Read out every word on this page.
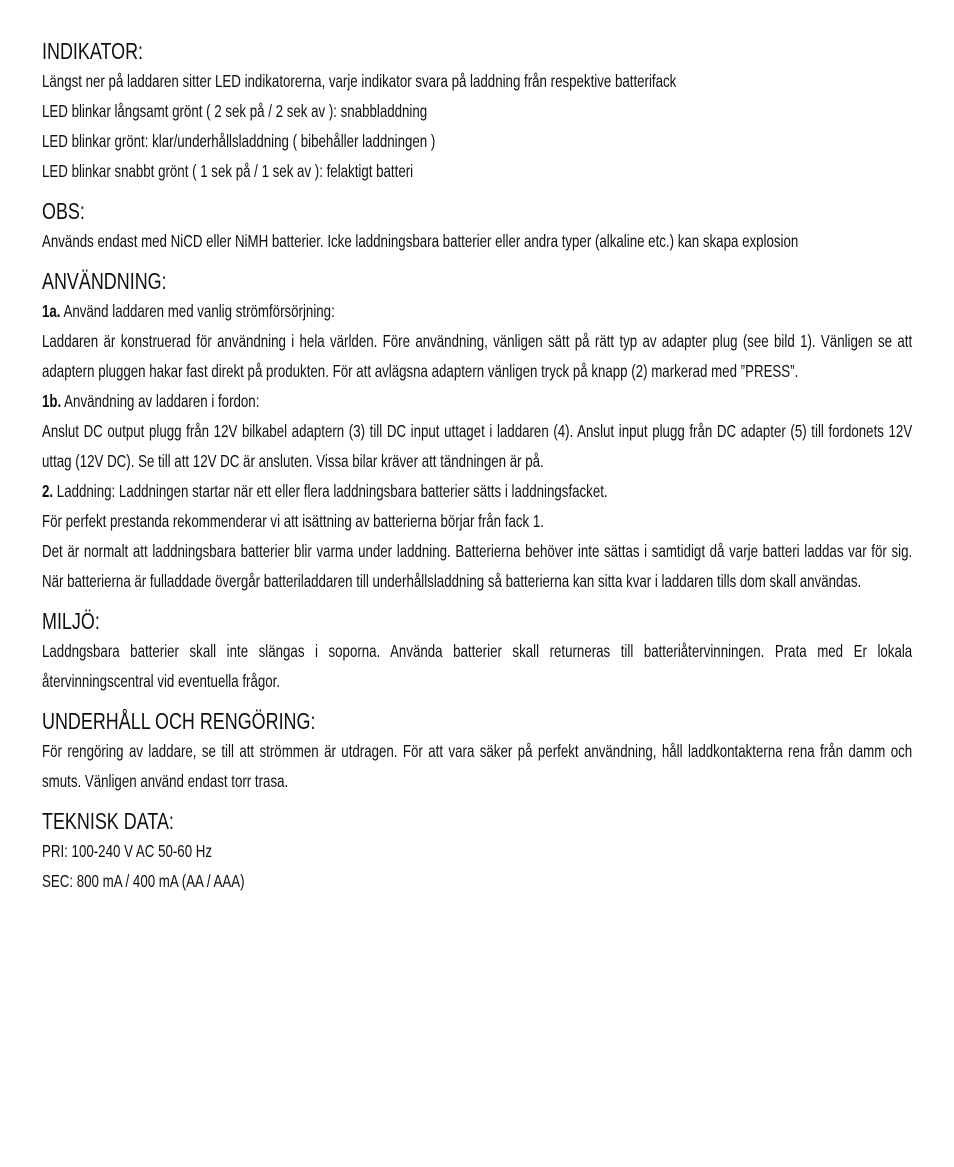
INDIKATOR:

Längst ner på laddaren sitter LED indikatorerna, varje indikator svara på laddning från respektive batterifack

LED blinkar långsamt grönt ( 2 sek på / 2 sek av ): snabbladdning

LED blinkar grönt: klar/underhållsladdning ( bibehåller laddningen )

LED blinkar snabbt grönt ( 1 sek på / 1 sek av ): felaktigt batteri

OBS:

Används endast med NiCD eller NiMH batterier. Icke laddningsbara batterier eller andra typer (alkaline etc.) kan skapa explosion

ANVÄNDNING:

1a. Använd laddaren med vanlig strömförsörjning:

Laddaren är konstruerad för användning i hela världen. Före användning, vänligen sätt på rätt typ av adapter plug (see bild 1). Vänligen se att adaptern pluggen hakar fast direkt på produkten. För att avlägsna adaptern vänligen tryck på knapp (2) markerad med ”PRESS”.

1b. Användning av laddaren i fordon:

Anslut DC output plugg från 12V bilkabel adaptern (3) till DC input uttaget i laddaren (4). Anslut input plugg från DC adapter (5) till fordonets 12V uttag (12V DC). Se till att 12V DC är ansluten. Vissa bilar kräver att tändningen är på.

2. Laddning: Laddningen startar när ett eller flera laddningsbara batterier sätts i laddningsfacket.

För perfekt prestanda rekommenderar vi att isättning av batterierna börjar från fack 1.

Det är normalt att laddningsbara batterier blir varma under laddning. Batterierna behöver inte sättas i samtidigt då varje batteri laddas var för sig. När batterierna är fulladdade övergår batteriladdaren till underhållsladdning så batterierna kan sitta kvar i laddaren tills dom skall användas.

MILJÖ:

Laddngsbara batterier skall inte slängas i soporna. Använda batterier skall returneras till batteriåtervinningen. Prata med Er lokala återvinningscentral vid eventuella frågor.

UNDERHÅLL OCH RENGÖRING:

För rengöring av laddare, se till att strömmen är utdragen. För att vara säker på perfekt användning, håll laddkontakterna rena från damm och smuts. Vänligen använd endast torr trasa.

TEKNISK DATA:

PRI: 100-240 V AC 50-60 Hz

SEC: 800 mA / 400 mA (AA / AAA)
